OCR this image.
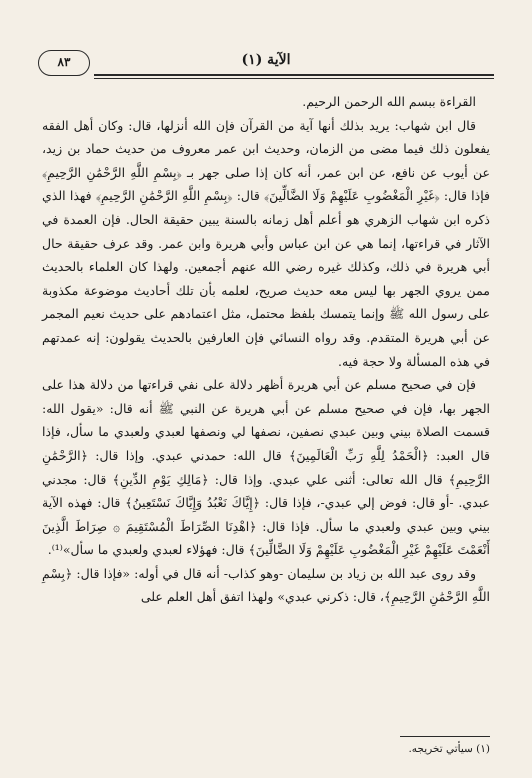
الآية (١)
٨٣

القراءة ببسم الله الرحمن الرحيم.

قال ابن شهاب: يريد بذلك أنها آية من القرآن فإن الله أنزلها، قال: وكان أهل الفقه يفعلون ذلك فيما مضى من الزمان، وحديث ابن عمر معروف من حديث حماد بن زيد، عن أيوب عن نافع، عن ابن عمر، أنه كان إذا صلى جهر بـ ﴿بِسْمِ اللَّهِ الرَّحْمَٰنِ الرَّحِيمِ﴾ فإذا قال: ﴿غَيْرِ الْمَغْضُوبِ عَلَيْهِمْ وَلَا الضَّالِّينَ﴾ قال: ﴿بِسْمِ اللَّهِ الرَّحْمَٰنِ الرَّحِيمِ﴾ فهذا الذي ذكره ابن شهاب الزهري هو أعلم أهل زمانه بالسنة يبين حقيقة الحال. فإن العمدة في الآثار في قراءتها، إنما هي عن ابن عباس وأبي هريرة وابن عمر. وقد عرف حقيقة حال أبي هريرة في ذلك، وكذلك غيره رضي الله عنهم أجمعين. ولهذا كان العلماء بالحديث ممن يروي الجهر بها ليس معه حديث صريح، لعلمه بأن تلك أحاديث موضوعة مكذوبة على رسول الله ﷺ وإنما يتمسك بلفظ محتمل، مثل اعتمادهم على حديث نعيم المجمر عن أبي هريرة المتقدم. وقد رواه النسائي فإن العارفين بالحديث يقولون: إنه عمدتهم في هذه المسألة ولا حجة فيه.

فإن في صحيح مسلم عن أبي هريرة أظهر دلالة على نفي قراءتها من دلالة هذا على الجهر بها، فإن في صحيح مسلم عن أبي هريرة عن النبي ﷺ أنه قال: «يقول الله: قسمت الصلاة بيني وبين عبدي نصفين، نصفها لي ونصفها لعبدي ولعبدي ما سأل، فإذا قال العبد: ﴿الْحَمْدُ لِلَّهِ رَبِّ الْعَالَمِينَ﴾ قال الله: حمدني عبدي. وإذا قال: ﴿الرَّحْمَٰنِ الرَّحِيمِ﴾ قال الله تعالى: أثنى علي عبدي. وإذا قال: ﴿مَالِكِ يَوْمِ الدِّينِ﴾ قال: مجدني عبدي. -أو قال: فوض إلي عبدي-، فإذا قال: ﴿إِيَّاكَ نَعْبُدُ وَإِيَّاكَ نَسْتَعِينُ﴾ قال: فهذه الآية بيني وبين عبدي ولعبدي ما سأل. فإذا قال: ﴿اهْدِنَا الصِّرَاطَ الْمُسْتَقِيمَ ۞ صِرَاطَ الَّذِينَ أَنْعَمْتَ عَلَيْهِمْ غَيْرِ الْمَغْضُوبِ عَلَيْهِمْ وَلَا الضَّالِّينَ﴾ قال: فهؤلاء لعبدي ولعبدي ما سأل»⁽¹⁾.

وقد روى عبد الله بن زياد بن سليمان -وهو كذاب- أنه قال في أوله: «فإذا قال: ﴿بِسْمِ اللَّهِ الرَّحْمَٰنِ الرَّحِيمِ﴾، قال: ذكرني عبدي» ولهذا اتفق أهل العلم على

(١) سيأتي تخريجه.
